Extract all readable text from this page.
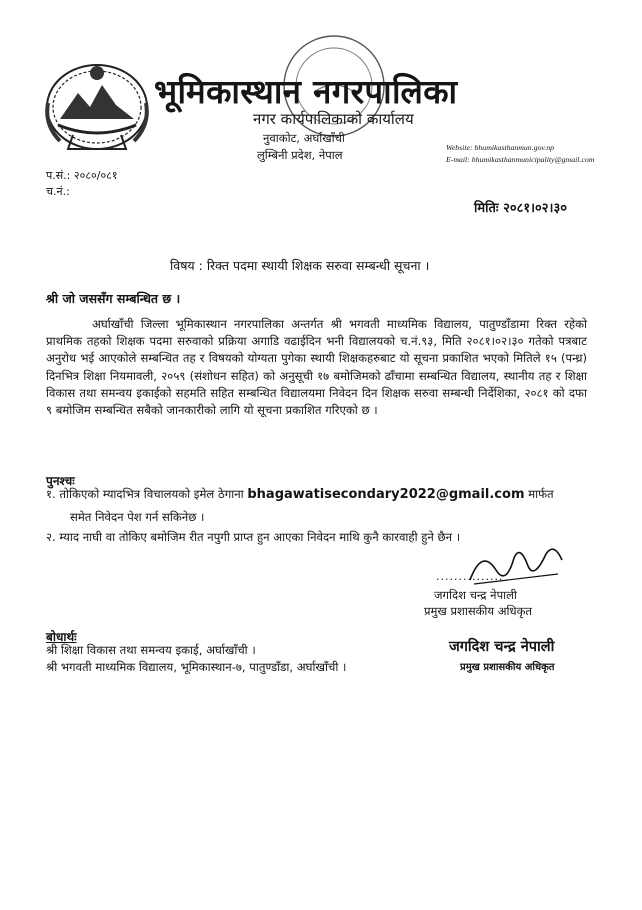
भूमिकास्थान नगरपालिका
नगर कार्यपालिकाको कार्यालय
नुवाकोट, अर्घाखाँची
लुम्बिनी प्रदेश, नेपाल
Website: bhumikasthanmun.gov.np
E-mail: bhumikasthanmunicipality@gmail.com
प.सं.: २०८०/०८१
च.नं.:
मितिः २०८१।०२।३०
विषय : रिक्त पदमा स्थायी शिक्षक सरुवा सम्बन्धी सूचना ।
श्री जो जससँग सम्बन्धित छ ।
अर्घाखाँची जिल्ला भूमिकास्थान नगरपालिका अन्तर्गत श्री भगवती माध्यमिक विद्यालय, पातुण्डाँडामा रिक्त रहेको प्राथमिक तहको शिक्षक पदमा सरुवाको प्रक्रिया अगाडि वढाईदिन भनी विद्यालयको च.नं.९३, मिति २०८१।०२।३० गतेको पत्रबाट अनुरोध भई आएकोले सम्बन्धित तह र विषयको योग्यता पुगेका स्थायी शिक्षकहरुबाट यो सूचना प्रकाशित भएको मितिले १५ (पन्ध्र) दिनभित्र शिक्षा नियमावली, २०५९ (संशोधन सहित) को अनुसूची १७ बमोजिमको ढाँचामा सम्बन्धित विद्यालय, स्थानीय तह र शिक्षा विकास तथा समन्वय इकाईको सहमति सहित सम्बन्धित विद्यालयमा निवेदन दिन शिक्षक सरुवा सम्बन्धी निर्देशिका, २०८१ को दफा ९ बमोजिम सम्बन्धित सबैको जानकारीको लागि यो सूचना प्रकाशित गरिएको छ ।
पुनश्चः
१. तोकिएको म्यादभित्र विचालयको इमेल ठेगाना bhagawatisecondary2022@gmail.com मार्फत
समेत निवेदन पेश गर्न सकिनेछ ।
२. म्याद नाघी वा तोकिए बमोजिम रीत नपुगी प्राप्त हुन आएका निवेदन माथि कुनै कारवाही हुने छैन ।
...............
जगदिश चन्द्र नेपाली
प्रमुख प्रशासकीय अधिकृत
बोधार्थः
श्री शिक्षा विकास तथा समन्वय इकाई, अर्घाखाँची ।
श्री भगवती माध्यमिक विद्यालय, भूमिकास्थान-७, पातुण्डाँडा, अर्घाखाँची ।
जगदिश चन्द्र नेपाली
प्रमुख प्रशासकीय अधिकृत
